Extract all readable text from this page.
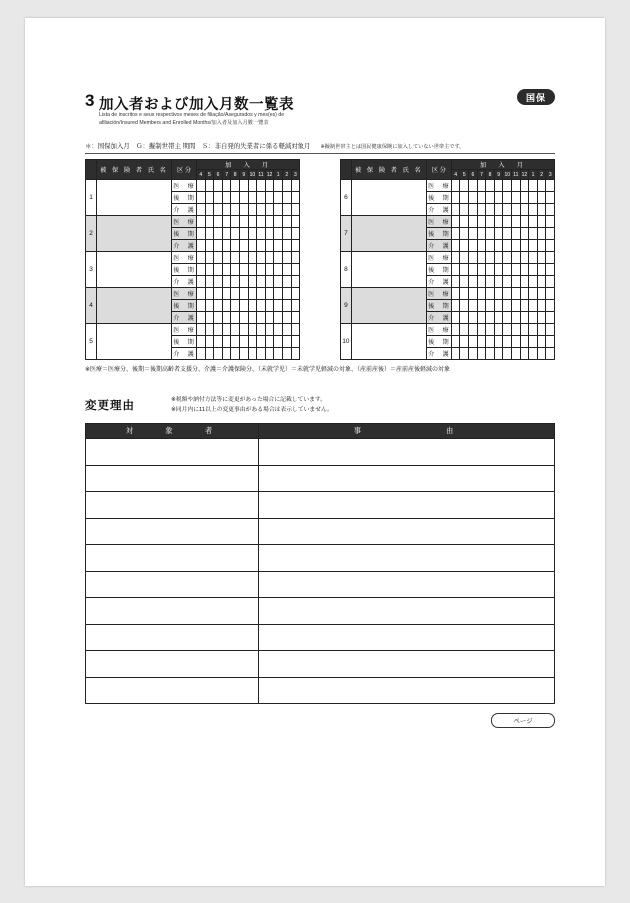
3 加入者および加入月数一覧表
Lista de inscritos e seus respectivos meses de filiação/Asegurados y mes(es) de
afiliación/Insured Members and Enrolled Months/加入者及加入月數一覽表
国保
＊：国保加入月　Ｇ：擬制世帯主 期間　Ｓ：非自発的失業者に係る軽減対象月 ※擬制世帯主とは国民健康保険に加入していない世帯主です。
	被 保 険 者 氏 名	区 分	加　入　月											
			4	5	6	7	8	9	10	11	12	1	2	3
1		医　療												
		後　期												
		介　護												
2		医　療												
		後　期												
		介　護												
3		医　療												
		後　期												
		介　護												
4		医　療												
		後　期												
		介　護												
5		医　療												
		後　期												
		介　護												
	被 保 険 者 氏 名	区 分	加　入　月											
			4	5	6	7	8	9	10	11	12	1	2	3
6		医　療												
		後　期												
		介　護												
7		医　療												
		後　期												
		介　護												
8		医　療												
		後　期												
		介　護												
9		医　療												
		後　期												
		介　護												
10		医　療												
		後　期												
		介　護												
※医療＝医療分、後期＝後期高齢者支援分、介護＝介護保険分、（未就学児）＝未就学児軽減の対象、（産前産後）＝産前産後軽減の対象
変更理由	※税額や納付方法等に変更があった場合に記載しています。
※同月内に11以上の変更事由がある場合は表示していません。
対　　象　　者	事　　　　　　由

ページ
